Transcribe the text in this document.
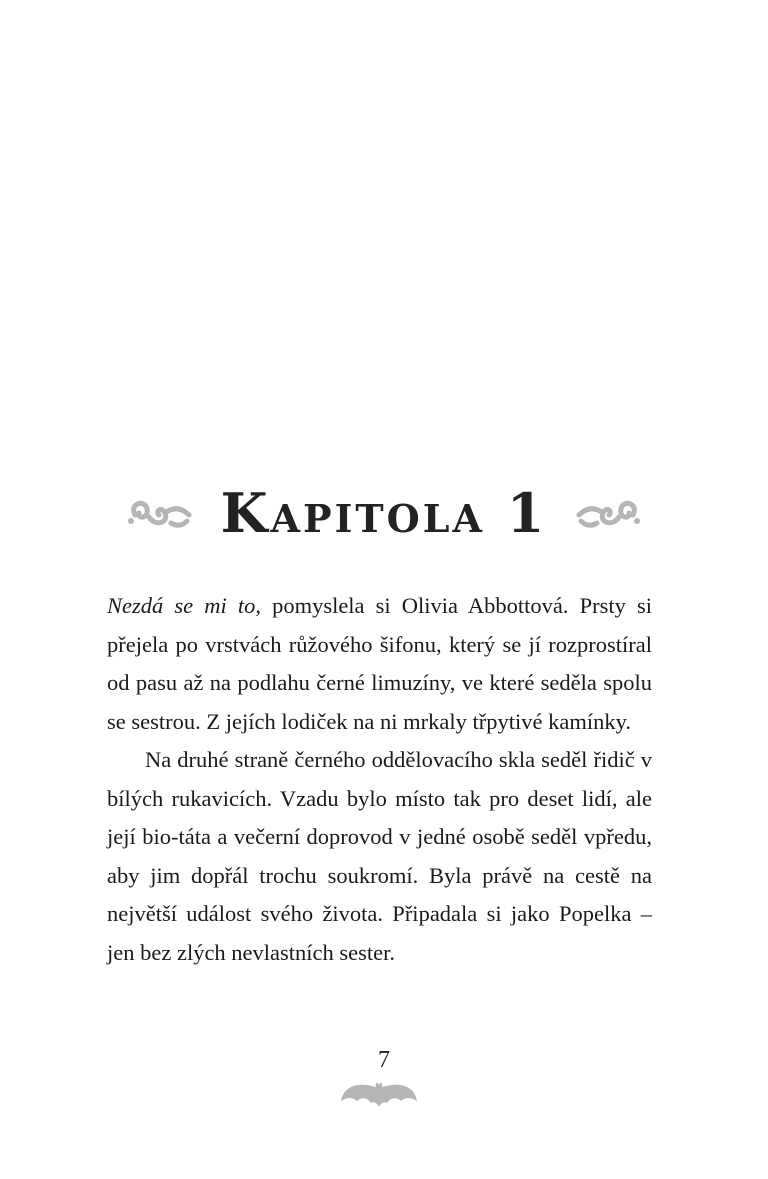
Kapitola 1

Nezdá se mi to, pomyslela si Olivia Abbottová. Prsty si přejela po vrstvách růžového šifonu, který se jí rozprostíral od pasu až na podlahu černé limuzíny, ve které seděla spolu se sestrou. Z jejích lodiček na ni mrkaly třpytivé kamínky.

Na druhé straně černého oddělovacího skla seděl řidič v bílých rukavicích. Vzadu bylo místo tak pro deset lidí, ale její bio-táta a večerní doprovod v jedné osobě seděl vpředu, aby jim dopřál trochu soukromí. Byla právě na cestě na největší událost svého života. Připadala si jako Popelka – jen bez zlých nevlastních sester.

7
